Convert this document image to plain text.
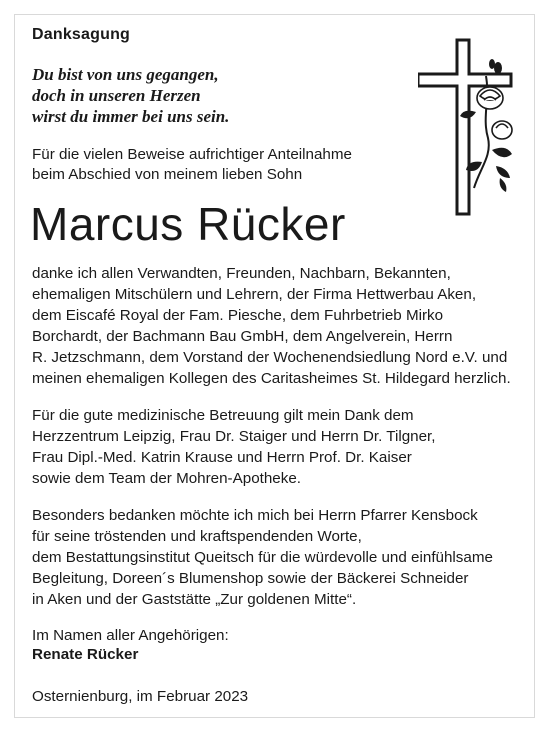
Danksagung
Du bist von uns gegangen,
doch in unseren Herzen
wirst du immer bei uns sein.
Für die vielen Beweise aufrichtiger Anteilnahme
beim Abschied von meinem lieben Sohn
Marcus Rücker
danke ich allen Verwandten, Freunden, Nachbarn, Bekannten,
ehemaligen Mitschülern und Lehrern, der Firma Hettwerbau Aken,
dem Eiscafé Royal der Fam. Piesche, dem Fuhrbetrieb Mirko
Borchardt, der Bachmann Bau GmbH, dem Angelverein, Herrn
R. Jetzschmann, dem Vorstand der Wochenendsiedlung Nord e.V. und
meinen ehemaligen Kollegen des Caritasheimes St. Hildegard herzlich.
Für die gute medizinische Betreuung gilt mein Dank dem
Herzzentrum Leipzig, Frau Dr. Staiger und Herrn Dr. Tilgner,
Frau Dipl.-Med. Katrin Krause und Herrn Prof. Dr. Kaiser
sowie dem Team der Mohren-Apotheke.
Besonders bedanken möchte ich mich bei Herrn Pfarrer Kensbock
für seine tröstenden und kraftspendenden Worte,
dem Bestattungsinstitut Queitsch für die würdevolle und einfühlsame
Begleitung, Doreen´s Blumenshop sowie der Bäckerei Schneider
in Aken und der Gaststätte „Zur goldenen Mitte“.
Im Namen aller Angehörigen:
Renate Rücker
Osternienburg, im Februar 2023
